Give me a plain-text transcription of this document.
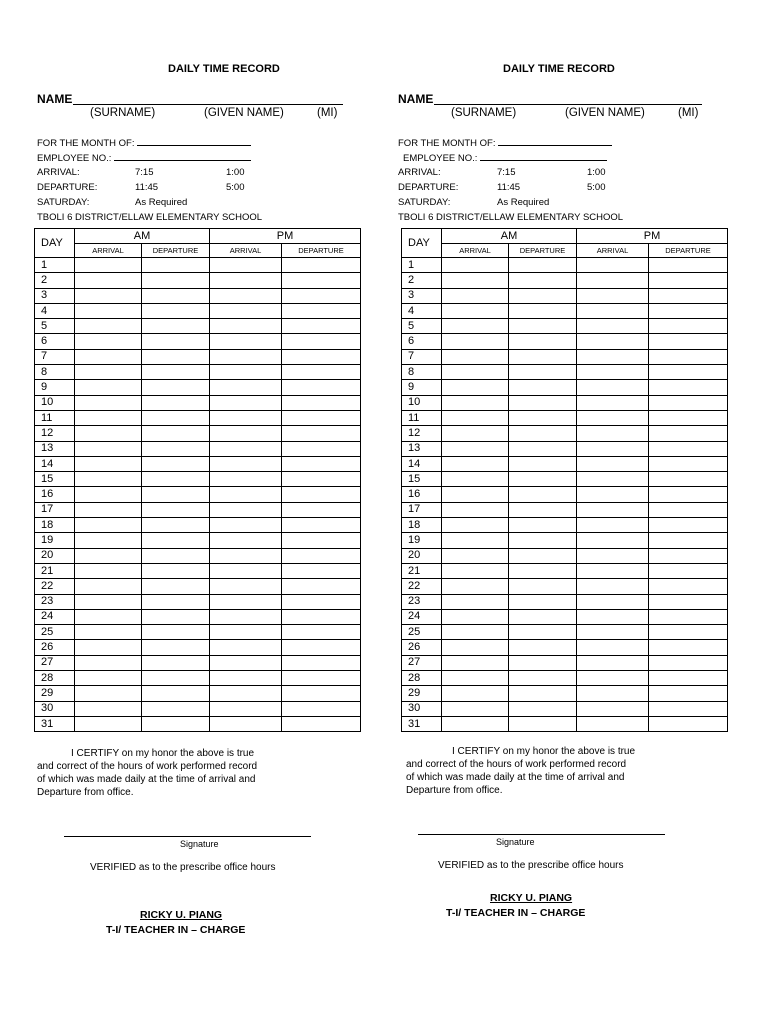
DAILY TIME RECORD
NAME
(SURNAME)	(GIVEN NAME)	(MI)
FOR THE MONTH OF:
EMPLOYEE NO.:
ARRIVAL:	7:15	1:00
DEPARTURE:	11:45	5:00
SATURDAY:	As Required
TBOLI 6 DISTRICT/ELLAW ELEMENTARY SCHOOL
DAY	AM		PM	
	ARRIVAL	DEPARTURE	ARRIVAL	DEPARTURE
1				
2				
3				
4				
5				
6				
7				
8				
9				
10				
11				
12				
13				
14				
15				
16				
17				
18				
19				
20				
21				
22				
23				
24				
25				
26				
27				
28				
29				
30				
31				
I CERTIFY on my honor the above is true
and correct of the hours of work performed record
of which was made daily at the time of arrival and
Departure from office.
Signature
VERIFIED as to the prescribe office hours
RICKY U. PIANG
T-I/ TEACHER IN – CHARGE
DAILY TIME RECORD
NAME
(SURNAME)	(GIVEN NAME)	(MI)
FOR THE MONTH OF:
EMPLOYEE NO.:
ARRIVAL:	7:15	1:00
DEPARTURE:	11:45	5:00
SATURDAY:	As Required
TBOLI 6 DISTRICT/ELLAW ELEMENTARY SCHOOL
DAY	AM		PM	
	ARRIVAL	DEPARTURE	ARRIVAL	DEPARTURE
1				
2				
3				
4				
5				
6				
7				
8				
9				
10				
11				
12				
13				
14				
15				
16				
17				
18				
19				
20				
21				
22				
23				
24				
25				
26				
27				
28				
29				
30				
31				
I CERTIFY on my honor the above is true
and correct of the hours of work performed record
of which was made daily at the time of arrival and
Departure from office.
Signature
VERIFIED as to the prescribe office hours
RICKY U. PIANG
T-I/ TEACHER IN – CHARGE
